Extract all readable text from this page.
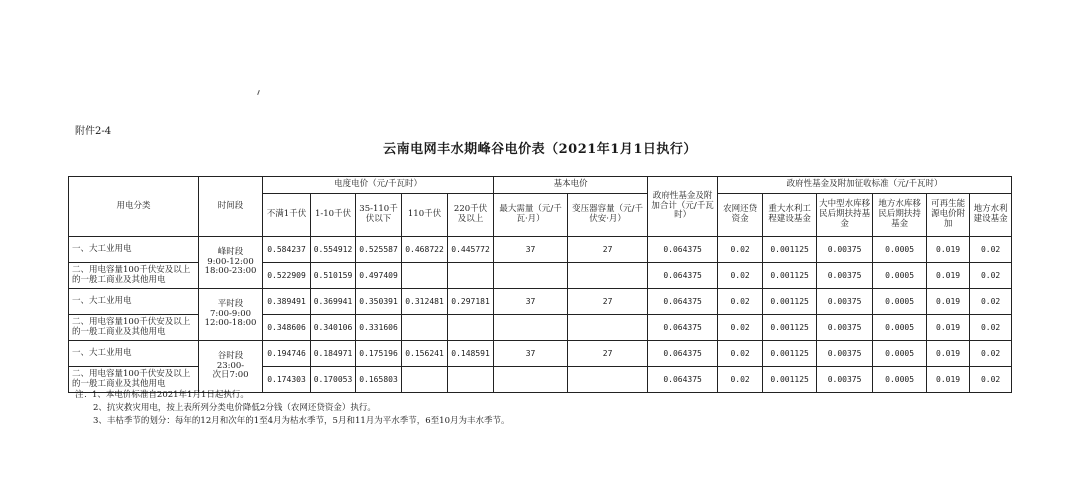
附件2-4
云南电网丰水期峰谷电价表（2021年1月1日执行）
用电分类	时间段	电度电价（元/千瓦时）					基本电价		政府性基金及附加合计（元/千瓦时）	政府性基金及附加征收标准（元/千瓦时）					
		不满1千伏	1-10千伏	35-110千伏以下	110千伏	220千伏及以上	最大需量（元/千瓦·月）	变压器容量（元/千伏安·月）		农网还贷资金	重大水利工程建设基金	大中型水库移民后期扶持基金	地方水库移民后期扶持基金	可再生能源电价附加	地方水利建设基金
一、大工业用电	峰时段
9:00-12:00
18:00-23:00	0.584237	0.554912	0.525587	0.468722	0.445772	37	27	0.064375	0.02	0.001125	0.00375	0.0005	0.019	0.02
二、用电容量100千伏安及以上的一般工商业及其他用电		0.522909	0.510159	0.497409					0.064375	0.02	0.001125	0.00375	0.0005	0.019	0.02
一、大工业用电	平时段
7:00-9:00
12:00-18:00	0.389491	0.369941	0.350391	0.312481	0.297181	37	27	0.064375	0.02	0.001125	0.00375	0.0005	0.019	0.02
二、用电容量100千伏安及以上的一般工商业及其他用电		0.348606	0.340106	0.331606					0.064375	0.02	0.001125	0.00375	0.0005	0.019	0.02
一、大工业用电	谷时段
23:00-
次日7:00	0.194746	0.184971	0.175196	0.156241	0.148591	37	27	0.064375	0.02	0.001125	0.00375	0.0005	0.019	0.02
二、用电容量100千伏安及以上的一般工商业及其他用电		0.174303	0.170053	0.165803					0.064375	0.02	0.001125	0.00375	0.0005	0.019	0.02
注：1、本电价标准自2021年1月1日起执行。
2、抗灾救灾用电，按上表所列分类电价降低2分钱（农网还贷资金）执行。
3、丰枯季节的划分：每年的12月和次年的1至4月为枯水季节，5月和11月为平水季节，6至10月为丰水季节。
